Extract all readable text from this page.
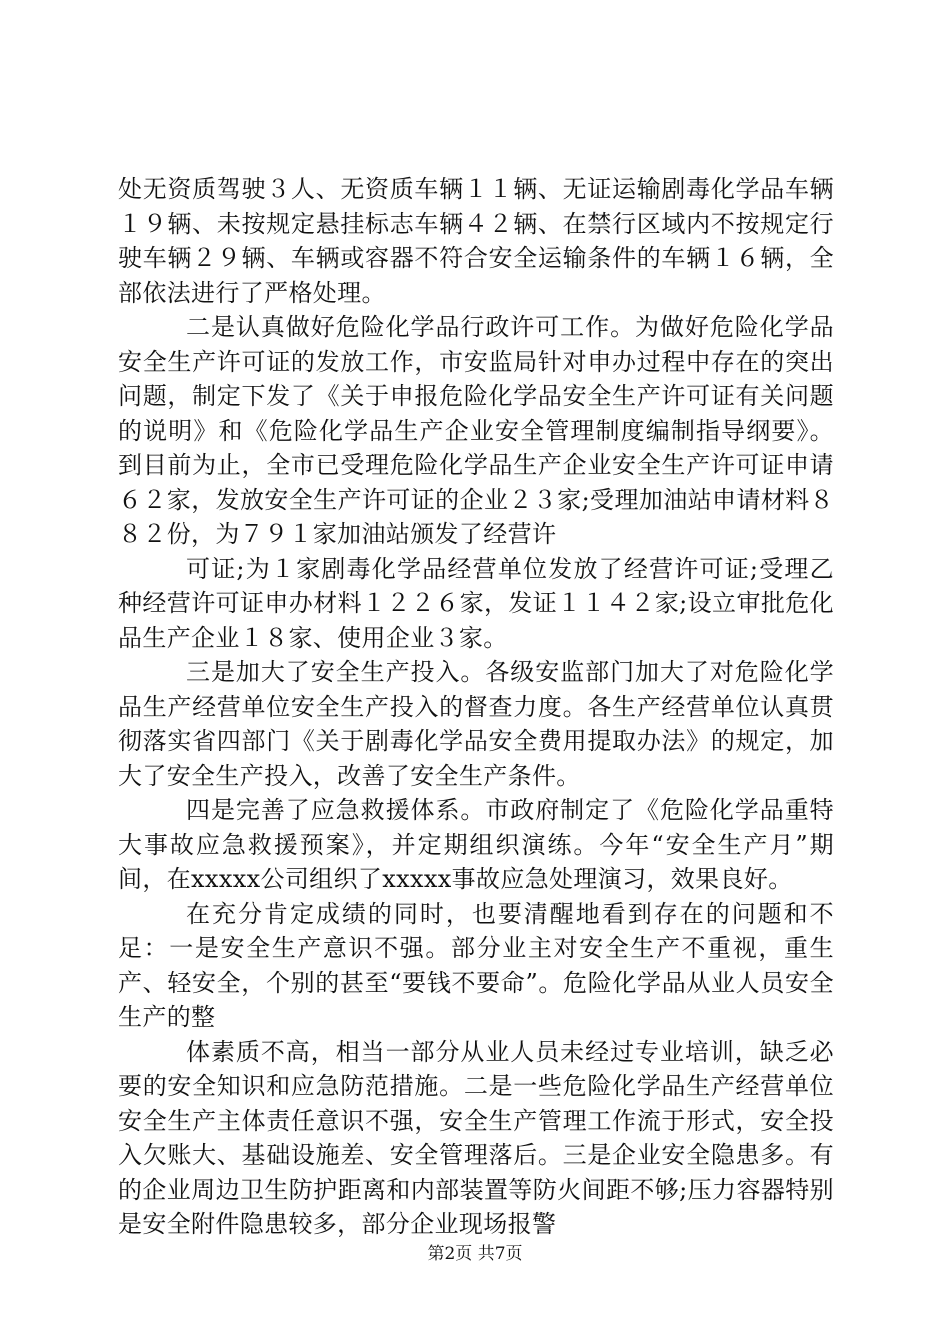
处无资质驾驶３人、无资质车辆１１辆、无证运输剧毒化学品车辆１９辆、未按规定悬挂标志车辆４２辆、在禁行区域内不按规定行驶车辆２９辆、车辆或容器不符合安全运输条件的车辆１６辆，全部依法进行了严格处理。

二是认真做好危险化学品行政许可工作。为做好危险化学品安全生产许可证的发放工作，市安监局针对申办过程中存在的突出问题，制定下发了《关于申报危险化学品安全生产许可证有关问题的说明》和《危险化学品生产企业安全管理制度编制指导纲要》。到目前为止，全市已受理危险化学品生产企业安全生产许可证申请６２家，发放安全生产许可证的企业２３家;受理加油站申请材料８８２份，为７９１家加油站颁发了经营许

可证;为１家剧毒化学品经营单位发放了经营许可证;受理乙种经营许可证申办材料１２２６家，发证１１４２家;设立审批危化品生产企业１８家、使用企业３家。

三是加大了安全生产投入。各级安监部门加大了对危险化学品生产经营单位安全生产投入的督查力度。各生产经营单位认真贯彻落实省四部门《关于剧毒化学品安全费用提取办法》的规定，加大了安全生产投入，改善了安全生产条件。

四是完善了应急救援体系。市政府制定了《危险化学品重特大事故应急救援预案》，并定期组织演练。今年“安全生产月”期间，在xxxxx公司组织了xxxxx事故应急处理演习，效果良好。

在充分肯定成绩的同时，也要清醒地看到存在的问题和不足：一是安全生产意识不强。部分业主对安全生产不重视，重生产、轻安全，个别的甚至“要钱不要命”。危险化学品从业人员安全生产的整

体素质不高，相当一部分从业人员未经过专业培训，缺乏必要的安全知识和应急防范措施。二是一些危险化学品生产经营单位安全生产主体责任意识不强，安全生产管理工作流于形式，安全投入欠账大、基础设施差、安全管理落后。三是企业安全隐患多。有的企业周边卫生防护距离和内部装置等防火间距不够;压力容器特别是安全附件隐患较多，部分企业现场报警

第2页 共7页
